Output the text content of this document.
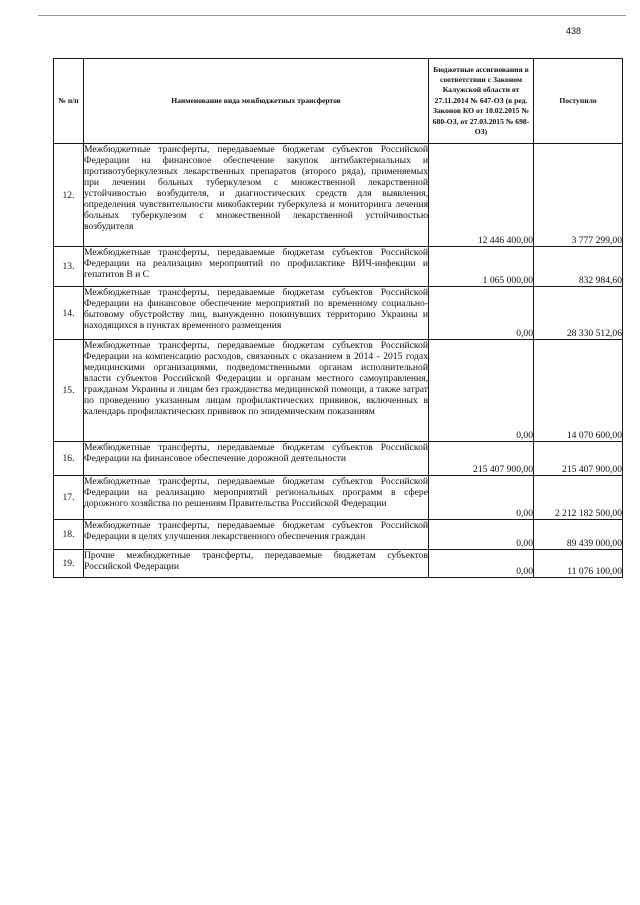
438
№ п/п	Наименование вида межбюджетных трансфертов	Бюджетные ассигнования в соответствии с Законом Калужской области от 27.11.2014 № 647-ОЗ (в ред. Законов КО от 10.02.2015 № 680-ОЗ, от 27.03.2015 № 698-ОЗ)	Поступило
12.	Межбюджетные трансферты, передаваемые бюджетам субъектов Российской Федерации на финансовое обеспечение закупок антибактериальных и противотуберкулезных лекарственных препаратов (второго ряда), применяемых при лечении больных туберкулезом с множественной лекарственной устойчивостью возбудителя, и диагностических средств для выявления, определения чувствительности микобактерии туберкулеза и мониторинга лечения больных туберкулезом с множественной лекарственной устойчивостью возбудителя	12 446 400,00	3 777 299,00
13.	Межбюджетные трансферты, передаваемые бюджетам субъектов Российской Федерации на реализацию мероприятий по профилактике ВИЧ-инфекции и гепатитов В и С	1 065 000,00	832 984,60
14.	Межбюджетные трансферты, передаваемые бюджетам субъектов Российской Федерации на финансовое обеспечение мероприятий по временному социально-бытовому обустройству лиц, вынужденно покинувших территорию Украины и находящихся в пунктах временного размещения	0,00	28 330 512,06
15.	Межбюджетные трансферты, передаваемые бюджетам субъектов Российской Федерации на компенсацию расходов, связанных с оказанием в 2014 - 2015 годах медицинскими организациями, подведомственными органам исполнительной власти субъектов Российской Федерации и органам местного самоуправления, гражданам Украины и лицам без гражданства медицинской помощи, а также затрат по проведению указанным лицам профилактических прививок, включенных в календарь профилактических прививок по эпидемическим показаниям	0,00	14 070 600,00
16.	Межбюджетные трансферты, передаваемые бюджетам субъектов Российской Федерации на финансовое обеспечение дорожной деятельности	215 407 900,00	215 407 900,00
17.	Межбюджетные трансферты, передаваемые бюджетам субъектов Российской Федерации на реализацию мероприятий региональных программ в сфере дорожного хозяйства по решениям Правительства Российской Федерации	0,00	2 212 182 500,00
18.	Межбюджетные трансферты, передаваемые бюджетам субъектов Российской Федерации в целях улучшения лекарственного обеспечения граждан	0,00	89 439 000,00
19.	Прочие межбюджетные трансферты, передаваемые бюджетам субъектов Российской Федерации	0,00	11 076 100,00
